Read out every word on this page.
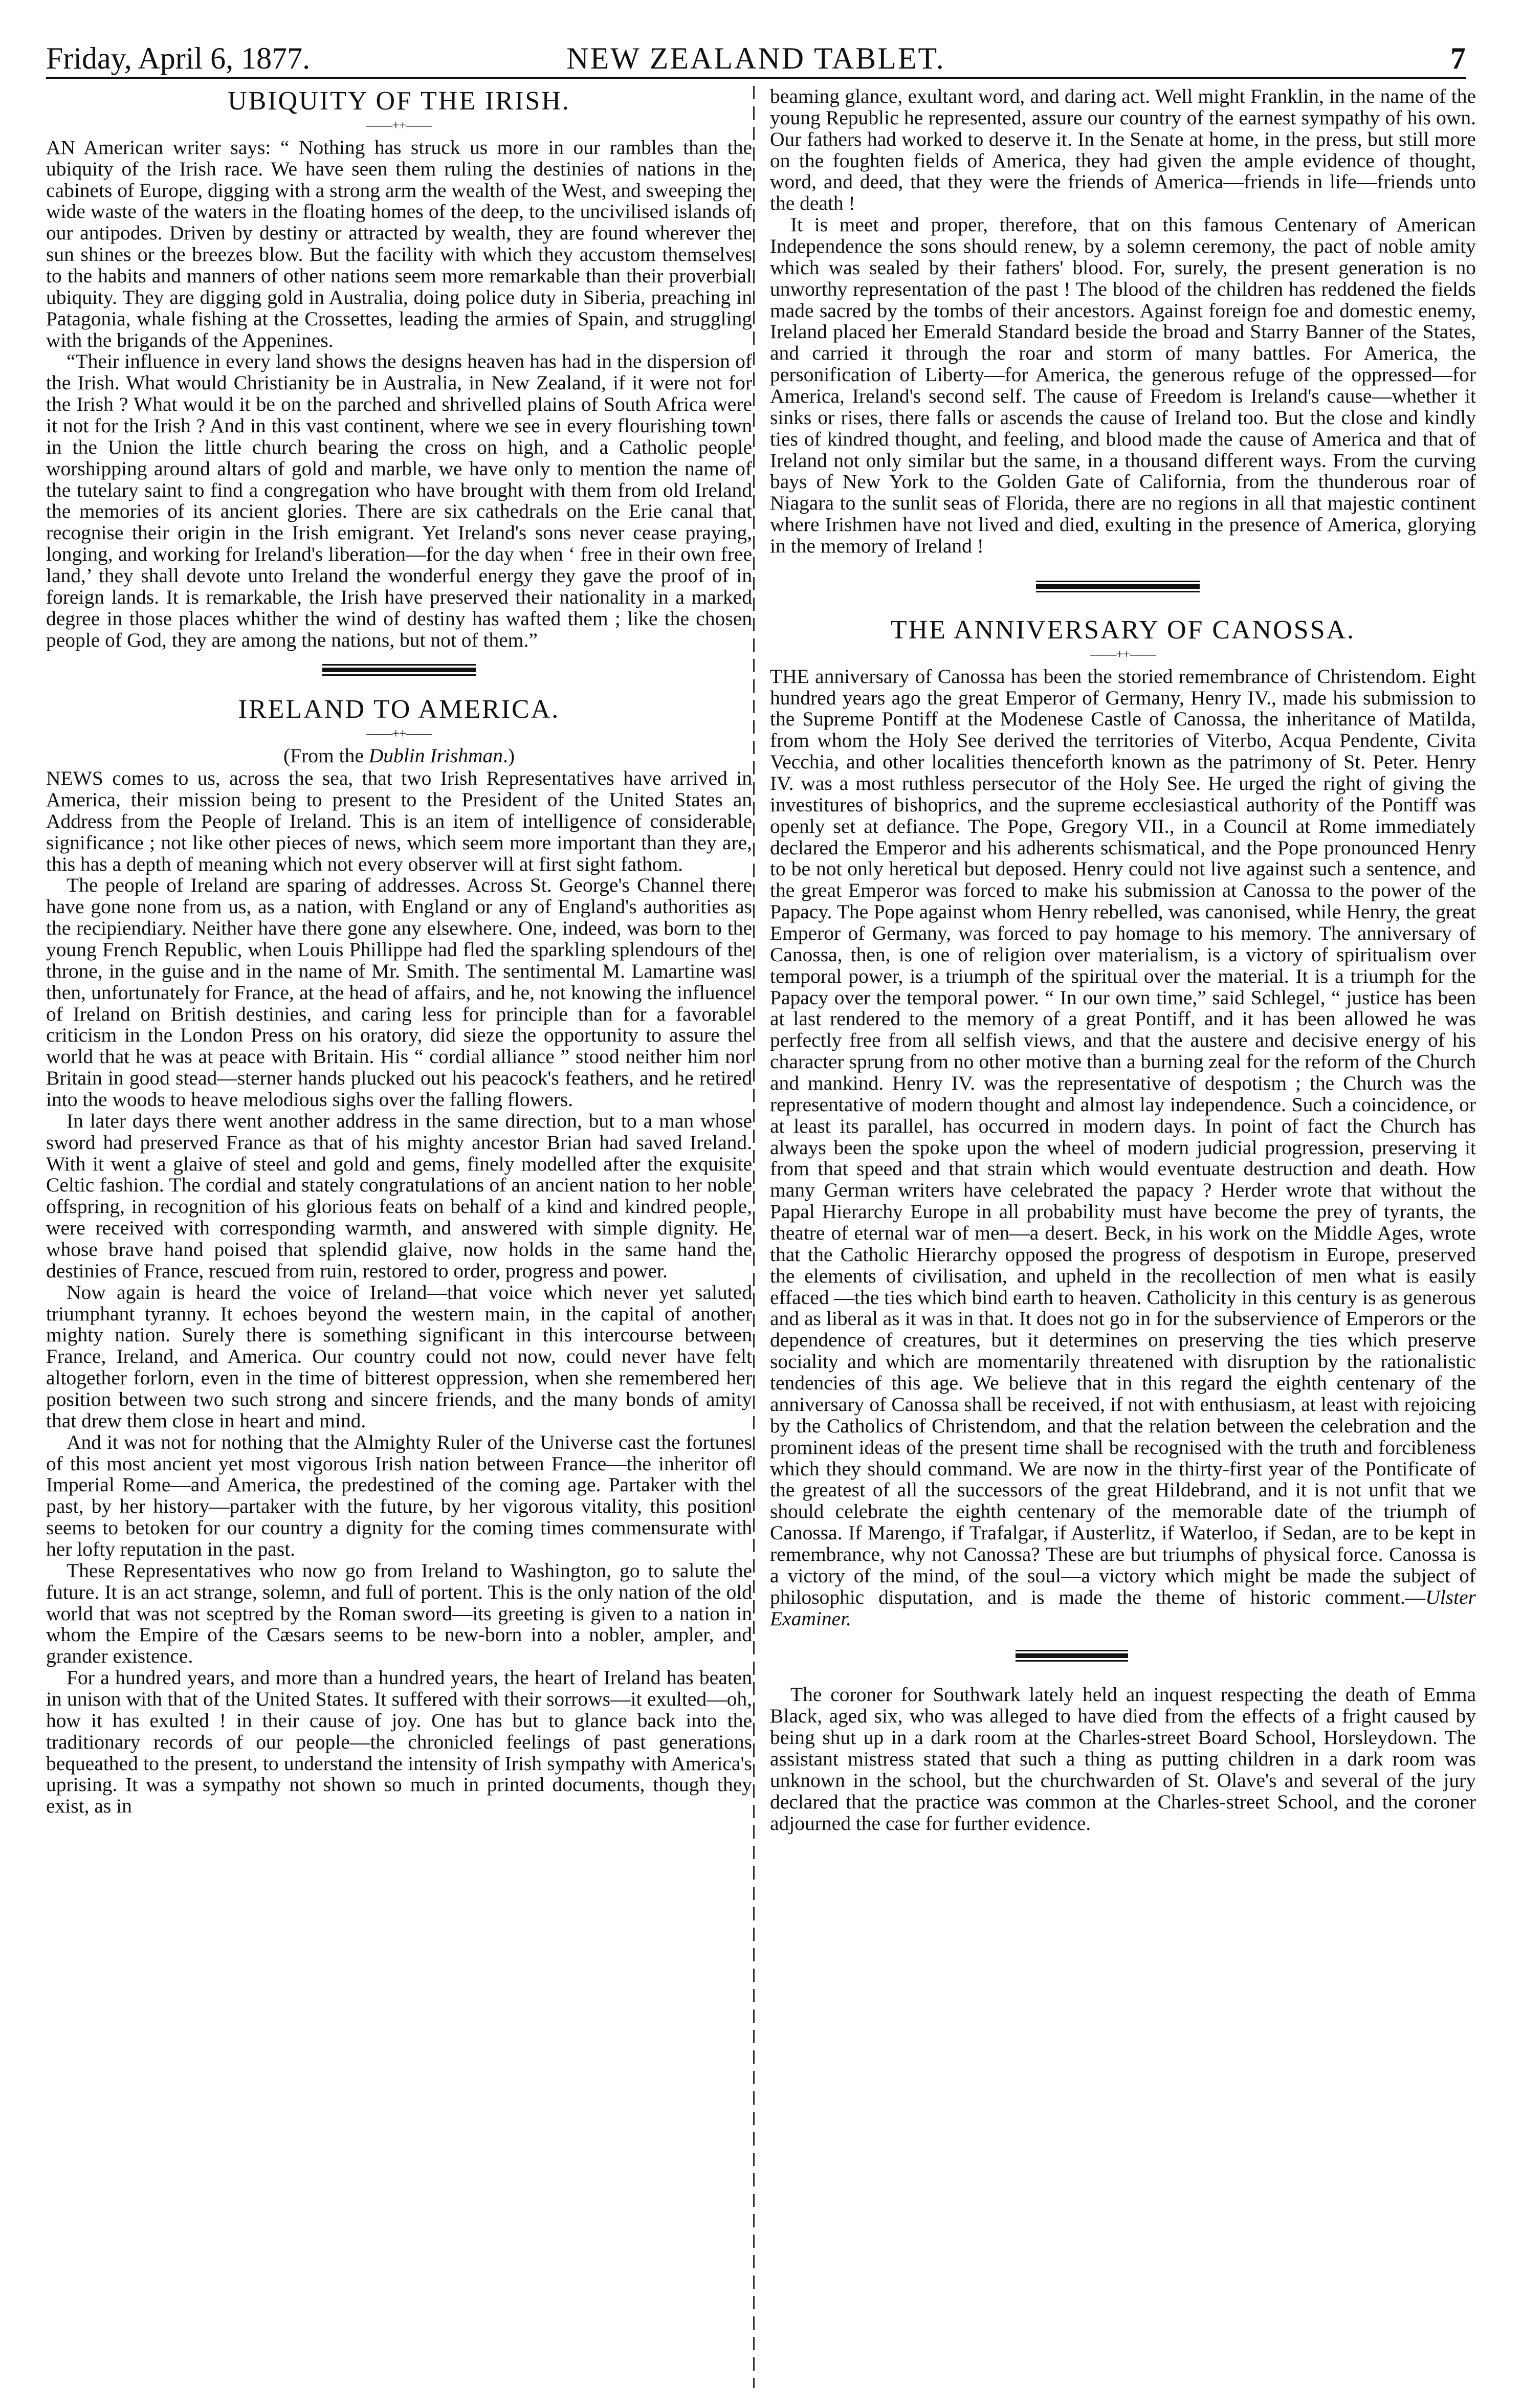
Friday, April 6, 1877.	NEW ZEALAND TABLET.	7
UBIQUITY OF THE IRISH.
——++——

AN American writer says: “ Nothing has struck us more in our rambles than the ubiquity of the Irish race. We have seen them ruling the destinies of nations in the cabinets of Europe, digging with a strong arm the wealth of the West, and sweeping the wide waste of the waters in the floating homes of the deep, to the uncivilised islands of our antipodes. Driven by destiny or attracted by wealth, they are found wherever the sun shines or the breezes blow. But the facility with which they accustom themselves to the habits and manners of other nations seem more remarkable than their proverbial ubiquity. They are digging gold in Australia, doing police duty in Siberia, preaching in Patagonia, whale fishing at the Crossettes, leading the armies of Spain, and struggling with the brigands of the Appenines.

“Their influence in every land shows the designs heaven has had in the dispersion of the Irish. What would Christianity be in Australia, in New Zealand, if it were not for the Irish ? What would it be on the parched and shrivelled plains of South Africa were it not for the Irish ? And in this vast continent, where we see in every flourishing town in the Union the little church bearing the cross on high, and a Catholic people worshipping around altars of gold and marble, we have only to mention the name of the tutelary saint to find a congregation who have brought with them from old Ireland the memories of its ancient glories. There are six cathedrals on the Erie canal that recognise their origin in the Irish emigrant. Yet Ireland's sons never cease praying, longing, and working for Ireland's liberation—for the day when ‘ free in their own free land,’ they shall devote unto Ireland the wonderful energy they gave the proof of in foreign lands. It is remarkable, the Irish have preserved their nationality in a marked degree in those places whither the wind of destiny has wafted them ; like the chosen people of God, they are among the nations, but not of them.”

IRELAND TO AMERICA.
——++——
(From the Dublin Irishman.)

NEWS comes to us, across the sea, that two Irish Representatives have arrived in America, their mission being to present to the President of the United States an Address from the People of Ireland. This is an item of intelligence of considerable significance ; not like other pieces of news, which seem more important than they are, this has a depth of meaning which not every observer will at first sight fathom.

The people of Ireland are sparing of addresses. Across St. George's Channel there have gone none from us, as a nation, with England or any of England's authorities as the recipiendiary. Neither have there gone any elsewhere. One, indeed, was born to the young French Republic, when Louis Phillippe had fled the sparkling splendours of the throne, in the guise and in the name of Mr. Smith. The sentimental M. Lamartine was then, unfortunately for France, at the head of affairs, and he, not knowing the influence of Ireland on British destinies, and caring less for principle than for a favorable criticism in the London Press on his oratory, did sieze the opportunity to assure the world that he was at peace with Britain. His “ cordial alliance ” stood neither him nor Britain in good stead—sterner hands plucked out his peacock's feathers, and he retired into the woods to heave melodious sighs over the falling flowers.

In later days there went another address in the same direction, but to a man whose sword had preserved France as that of his mighty ancestor Brian had saved Ireland. With it went a glaive of steel and gold and gems, finely modelled after the exquisite Celtic fashion. The cordial and stately congratulations of an ancient nation to her noble offspring, in recognition of his glorious feats on behalf of a kind and kindred people, were received with corresponding warmth, and answered with simple dignity. He whose brave hand poised that splendid glaive, now holds in the same hand the destinies of France, rescued from ruin, restored to order, progress and power.

Now again is heard the voice of Ireland—that voice which never yet saluted triumphant tyranny. It echoes beyond the western main, in the capital of another mighty nation. Surely there is something significant in this intercourse between France, Ireland, and America. Our country could not now, could never have felt altogether forlorn, even in the time of bitterest oppression, when she remembered her position between two such strong and sincere friends, and the many bonds of amity that drew them close in heart and mind.

And it was not for nothing that the Almighty Ruler of the Universe cast the fortunes of this most ancient yet most vigorous Irish nation between France—the inheritor of Imperial Rome—and America, the predestined of the coming age. Partaker with the past, by her history—partaker with the future, by her vigorous vitality, this position seems to betoken for our country a dignity for the coming times commensurate with her lofty reputation in the past.

These Representatives who now go from Ireland to Washington, go to salute the future. It is an act strange, solemn, and full of portent. This is the only nation of the old world that was not sceptred by the Roman sword—its greeting is given to a nation in whom the Empire of the Cæsars seems to be new-born into a nobler, ampler, and grander existence.

For a hundred years, and more than a hundred years, the heart of Ireland has beaten in unison with that of the United States. It suffered with their sorrows—it exulted—oh, how it has exulted ! in their cause of joy. One has but to glance back into the traditionary records of our people—the chronicled feelings of past generations bequeathed to the present, to understand the intensity of Irish sympathy with America's uprising. It was a sympathy not shown so much in printed documents, though they exist, as in

beaming glance, exultant word, and daring act. Well might Franklin, in the name of the young Republic he represented, assure our country of the earnest sympathy of his own. Our fathers had worked to deserve it. In the Senate at home, in the press, but still more on the foughten fields of America, they had given the ample evidence of thought, word, and deed, that they were the friends of America—friends in life—friends unto the death !

It is meet and proper, therefore, that on this famous Centenary of American Independence the sons should renew, by a solemn ceremony, the pact of noble amity which was sealed by their fathers' blood. For, surely, the present generation is no unworthy representation of the past ! The blood of the children has reddened the fields made sacred by the tombs of their ancestors. Against foreign foe and domestic enemy, Ireland placed her Emerald Standard beside the broad and Starry Banner of the States, and carried it through the roar and storm of many battles. For America, the personification of Liberty—for America, the generous refuge of the oppressed—for America, Ireland's second self. The cause of Freedom is Ireland's cause—whether it sinks or rises, there falls or ascends the cause of Ireland too. But the close and kindly ties of kindred thought, and feeling, and blood made the cause of America and that of Ireland not only similar but the same, in a thousand different ways. From the curving bays of New York to the Golden Gate of California, from the thunderous roar of Niagara to the sunlit seas of Florida, there are no regions in all that majestic continent where Irishmen have not lived and died, exulting in the presence of America, glorying in the memory of Ireland !

THE ANNIVERSARY OF CANOSSA.
——++——

THE anniversary of Canossa has been the storied remembrance of Christendom. Eight hundred years ago the great Emperor of Germany, Henry IV., made his submission to the Supreme Pontiff at the Modenese Castle of Canossa, the inheritance of Matilda, from whom the Holy See derived the territories of Viterbo, Acqua Pendente, Civita Vecchia, and other localities thenceforth known as the patrimony of St. Peter. Henry IV. was a most ruthless persecutor of the Holy See. He urged the right of giving the investitures of bishoprics, and the supreme ecclesiastical authority of the Pontiff was openly set at defiance. The Pope, Gregory VII., in a Council at Rome immediately declared the Emperor and his adherents schismatical, and the Pope pronounced Henry to be not only heretical but deposed. Henry could not live against such a sentence, and the great Emperor was forced to make his submission at Canossa to the power of the Papacy. The Pope against whom Henry rebelled, was canonised, while Henry, the great Emperor of Germany, was forced to pay homage to his memory. The anniversary of Canossa, then, is one of religion over materialism, is a victory of spiritualism over temporal power, is a triumph of the spiritual over the material. It is a triumph for the Papacy over the temporal power. “ In our own time,” said Schlegel, “ justice has been at last rendered to the memory of a great Pontiff, and it has been allowed he was perfectly free from all selfish views, and that the austere and decisive energy of his character sprung from no other motive than a burning zeal for the reform of the Church and mankind. Henry IV. was the representative of despotism ; the Church was the representative of modern thought and almost lay independence. Such a coincidence, or at least its parallel, has occurred in modern days. In point of fact the Church has always been the spoke upon the wheel of modern judicial progression, preserving it from that speed and that strain which would eventuate destruction and death. How many German writers have celebrated the papacy ? Herder wrote that without the Papal Hierarchy Europe in all probability must have become the prey of tyrants, the theatre of eternal war of men—a desert. Beck, in his work on the Middle Ages, wrote that the Catholic Hierarchy opposed the progress of despotism in Europe, preserved the elements of civilisation, and upheld in the recollection of men what is easily effaced —the ties which bind earth to heaven. Catholicity in this century is as generous and as liberal as it was in that. It does not go in for the subservience of Emperors or the dependence of creatures, but it determines on preserving the ties which preserve sociality and which are momentarily threatened with disruption by the rationalistic tendencies of this age. We believe that in this regard the eighth centenary of the anniversary of Canossa shall be received, if not with enthusiasm, at least with rejoicing by the Catholics of Christendom, and that the relation between the celebration and the prominent ideas of the present time shall be recognised with the truth and forcibleness which they should command. We are now in the thirty-first year of the Pontificate of the greatest of all the successors of the great Hildebrand, and it is not unfit that we should celebrate the eighth centenary of the memorable date of the triumph of Canossa. If Marengo, if Trafalgar, if Austerlitz, if Waterloo, if Sedan, are to be kept in remembrance, why not Canossa? These are but triumphs of physical force. Canossa is a victory of the mind, of the soul—a victory which might be made the subject of philosophic disputation, and is made the theme of historic comment.—Ulster Examiner.

The coroner for Southwark lately held an inquest respecting the death of Emma Black, aged six, who was alleged to have died from the effects of a fright caused by being shut up in a dark room at the Charles-street Board School, Horsleydown. The assistant mistress stated that such a thing as putting children in a dark room was unknown in the school, but the churchwarden of St. Olave's and several of the jury declared that the practice was common at the Charles-street School, and the coroner adjourned the case for further evidence.
